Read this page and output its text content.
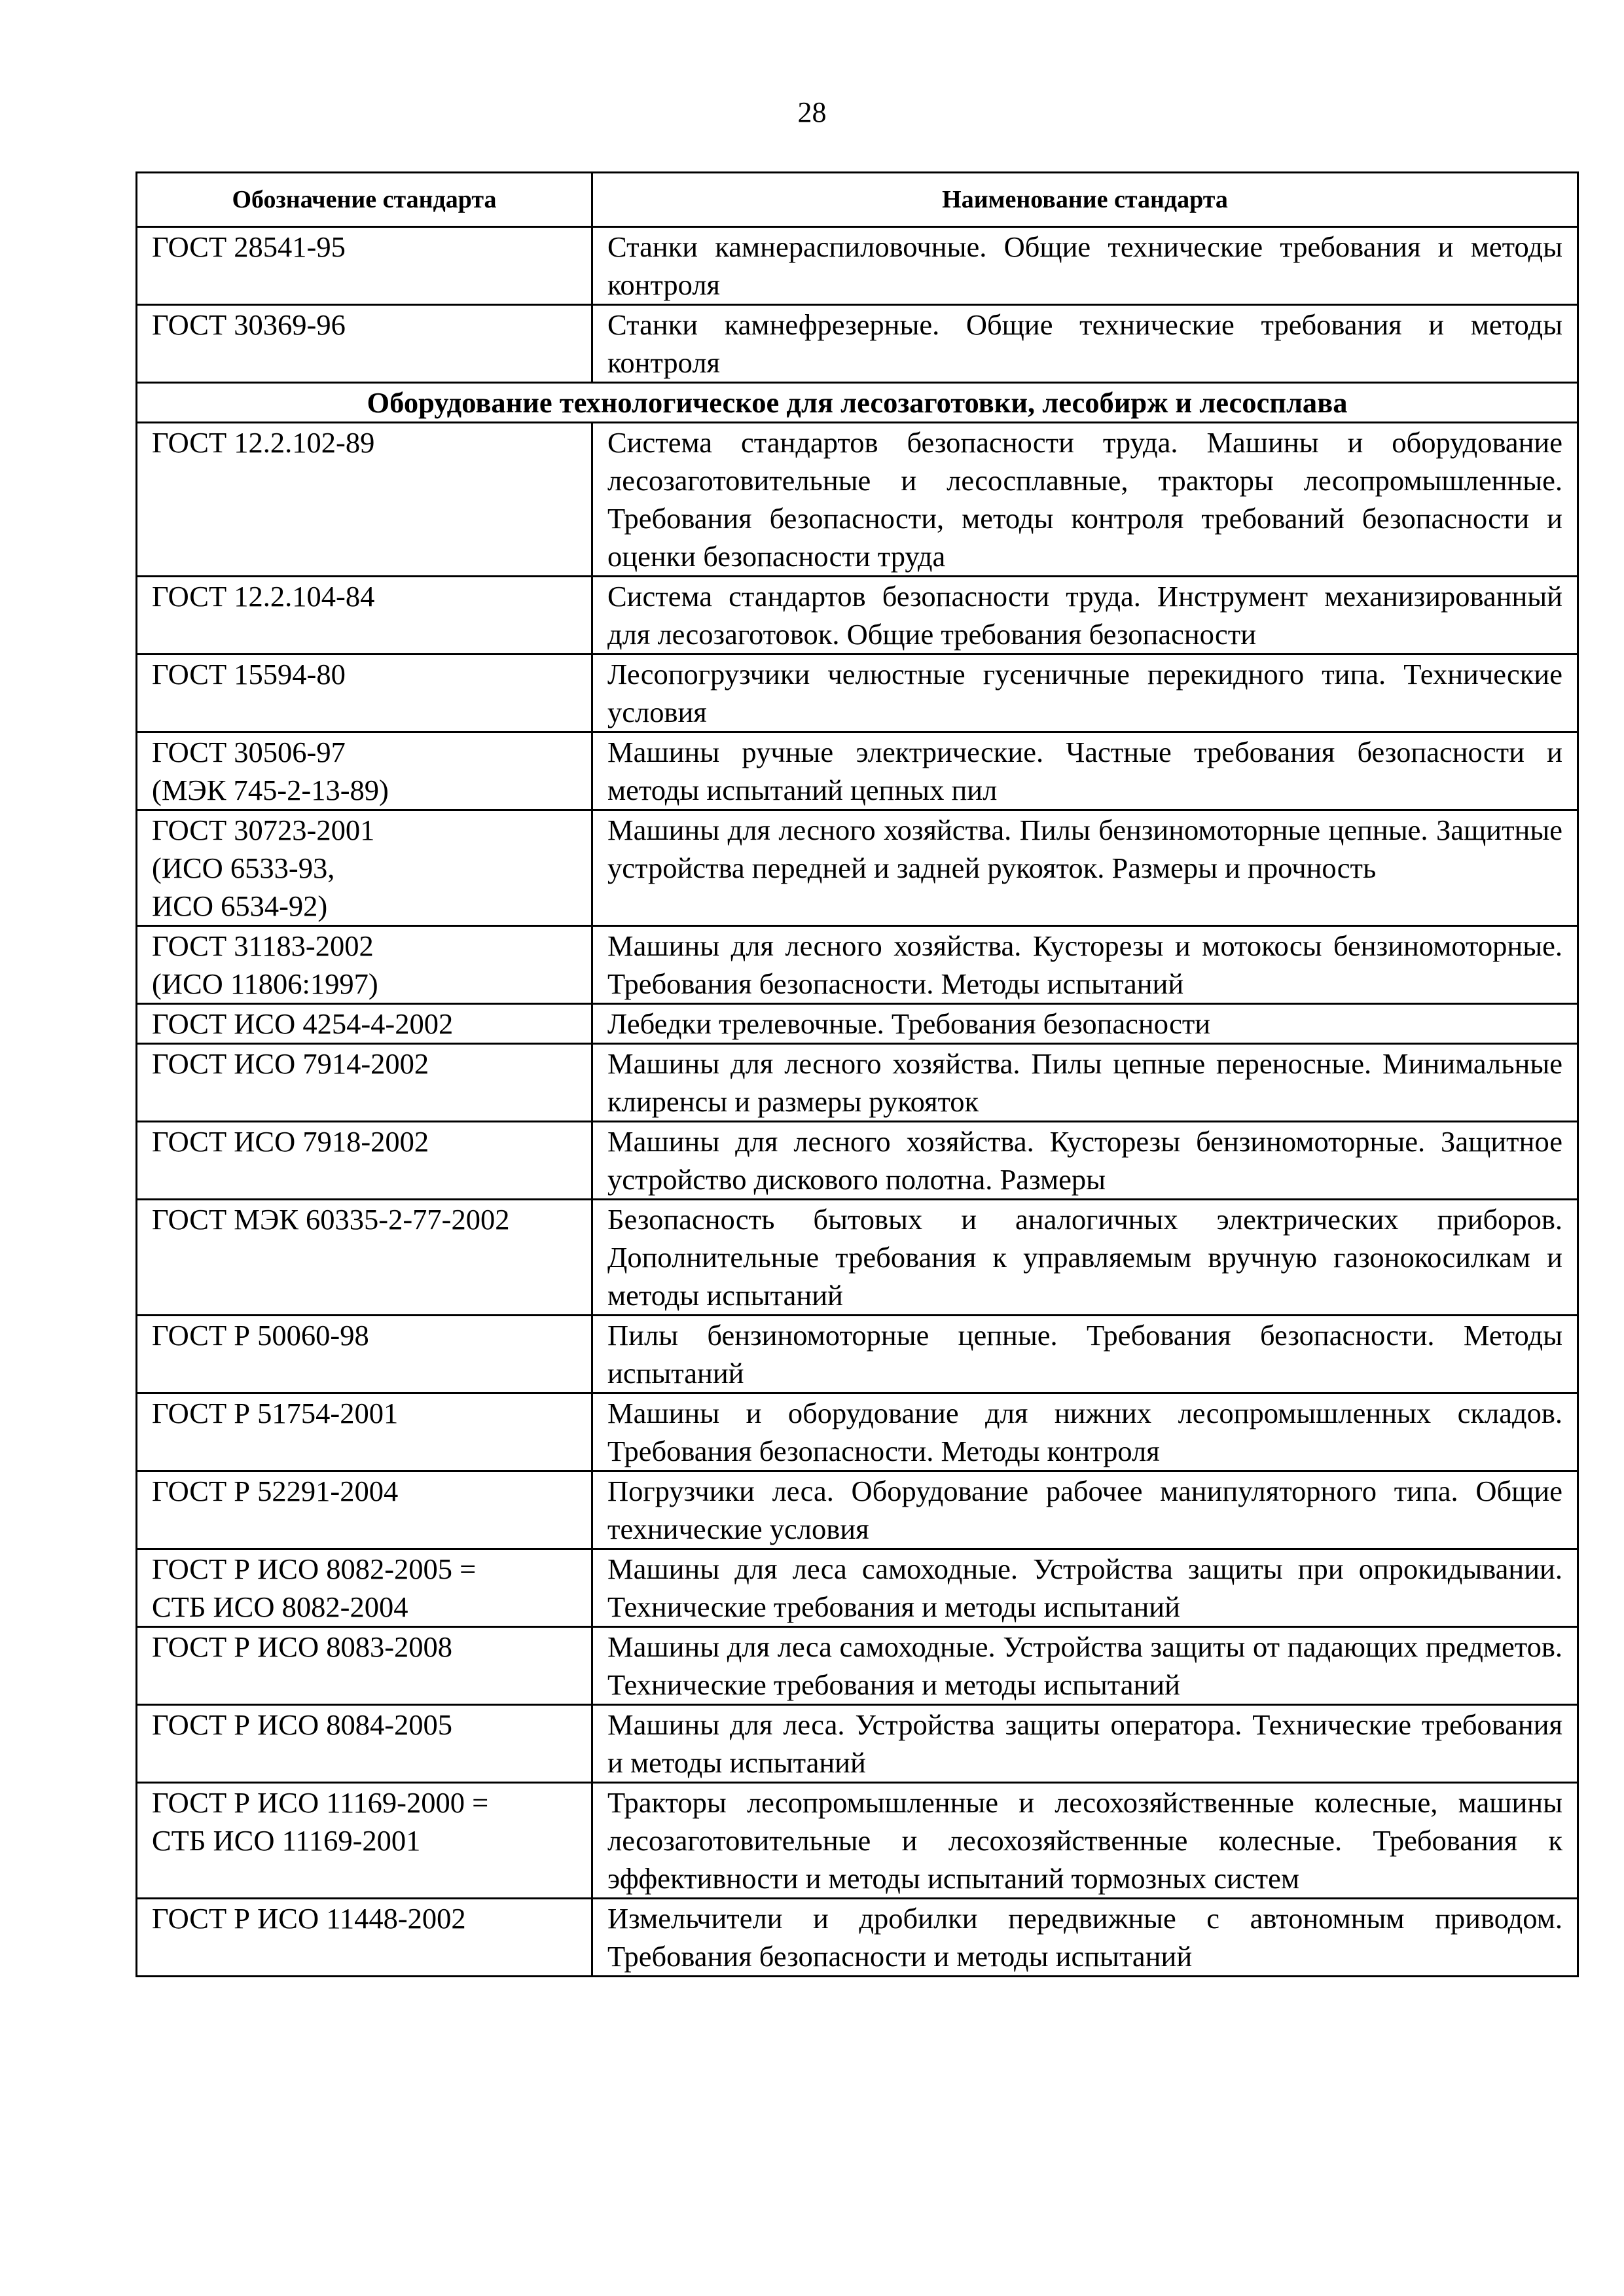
28
Обозначение стандарта	Наименование стандарта
ГОСТ 28541-95	Станки камнераспиловочные. Общие технические требования и методы контроля
ГОСТ 30369-96	Станки камнефрезерные. Общие технические требования и методы контроля
Оборудование технологическое для лесозаготовки, лесобирж и лесосплава	
ГОСТ 12.2.102-89	Система стандартов безопасности труда. Машины и оборудование лесозаготовительные и лесосплавные, тракторы лесопромышленные. Требования безопасности, методы контроля требований безопасности и оценки безопасности труда
ГОСТ 12.2.104-84	Система стандартов безопасности труда. Инструмент механизированный для лесозаготовок. Общие требования безопасности
ГОСТ 15594-80	Лесопогрузчики челюстные гусеничные перекидного типа. Технические условия
ГОСТ 30506-97
(МЭК 745-2-13-89)	Машины ручные электрические. Частные требования безопасности и методы испытаний цепных пил
ГОСТ 30723-2001
(ИСО 6533-93,
ИСО 6534-92)	Машины для лесного хозяйства. Пилы бензиномоторные цепные. Защитные устройства передней и задней рукояток. Размеры и прочность
ГОСТ 31183-2002
(ИСО 11806:1997)	Машины для лесного хозяйства. Кусторезы и мотокосы бензиномоторные. Требования безопасности. Методы испытаний
ГОСТ ИСО 4254-4-2002	Лебедки трелевочные. Требования безопасности
ГОСТ ИСО 7914-2002	Машины для лесного хозяйства. Пилы цепные переносные. Минимальные клиренсы и размеры рукояток
ГОСТ ИСО 7918-2002	Машины для лесного хозяйства. Кусторезы бензиномоторные. Защитное устройство дискового полотна. Размеры
ГОСТ МЭК 60335-2-77-2002	Безопасность бытовых и аналогичных электрических приборов. Дополнительные требования к управляемым вручную газонокосилкам и методы испытаний
ГОСТ Р 50060-98	Пилы бензиномоторные цепные. Требования безопасности. Методы испытаний
ГОСТ Р 51754-2001	Машины и оборудование для нижних лесопромышленных складов. Требования безопасности. Методы контроля
ГОСТ Р 52291-2004	Погрузчики леса. Оборудование рабочее манипуляторного типа. Общие технические условия
ГОСТ Р ИСО 8082-2005 =
СТБ ИСО 8082-2004	Машины для леса самоходные. Устройства защиты при опрокидывании. Технические требования и методы испытаний
ГОСТ Р ИСО 8083-2008	Машины для леса самоходные. Устройства защиты от падающих предметов. Технические требования и методы испытаний
ГОСТ Р ИСО 8084-2005	Машины для леса. Устройства защиты оператора. Технические требования и методы испытаний
ГОСТ Р ИСО 11169-2000 =
СТБ ИСО 11169-2001	Тракторы лесопромышленные и лесохозяйственные колесные, машины лесозаготовительные и лесохозяйственные колесные. Требования к эффективности и методы испытаний тормозных систем
ГОСТ Р ИСО 11448-2002	Измельчители и дробилки передвижные с автономным приводом. Требования безопасности и методы испытаний
